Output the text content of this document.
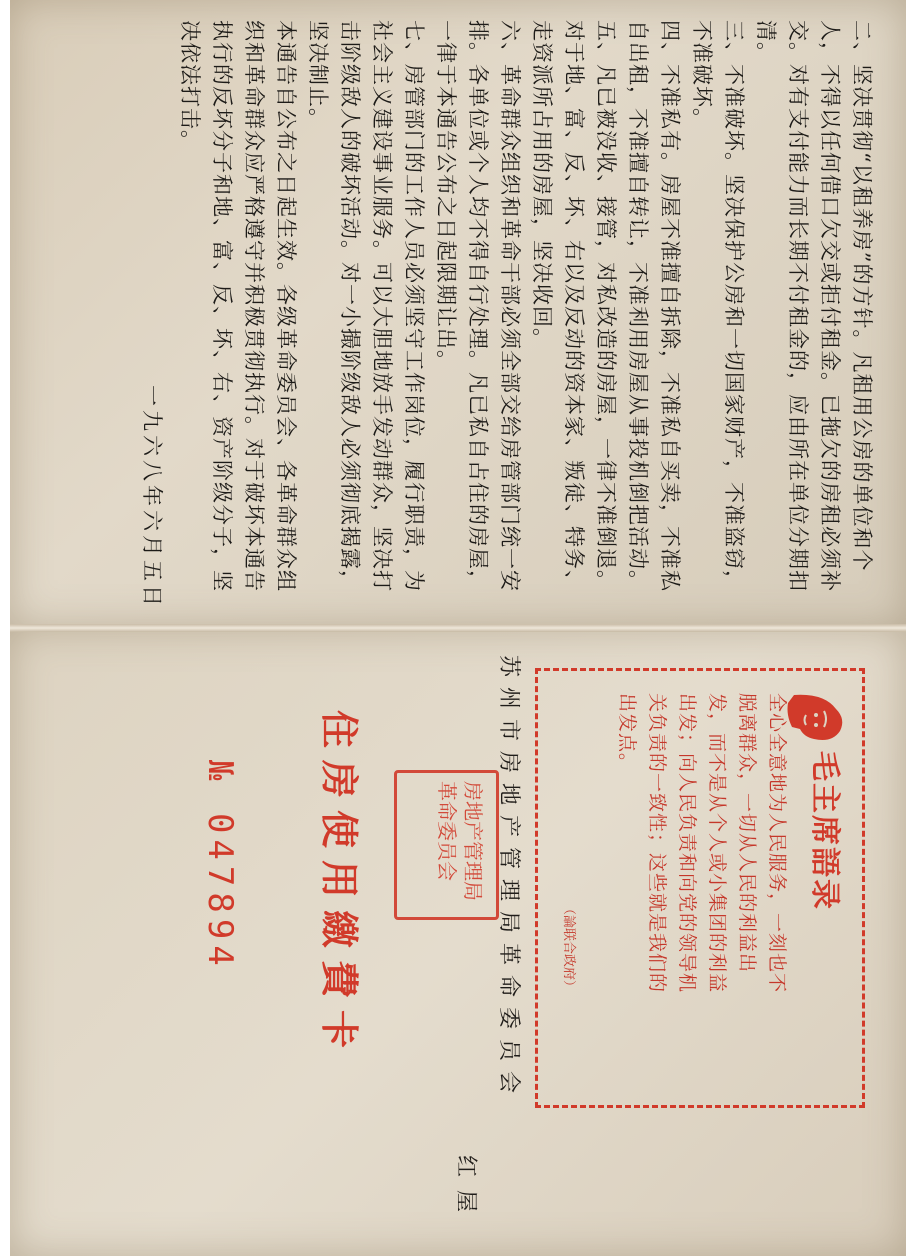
二、坚决贯彻“以租养房”的方针。凡租用公房的单位和个人，不得以任何借口欠交或拒付租金。已拖欠的房租必须补交。对有支付能力而长期不付租金的，应由所在单位分期扣清。

三、不准破坏。坚决保护公房和一切国家财产，不准盗窃，不准破坏。

四、不准私有。房屋不准擅自拆除，不准私自买卖，不准私自出租，不准擅自转让，不准利用房屋从事投机倒把活动。

五、凡已被没收、接管，对私改造的房屋，一律不准倒退。对于地、富、反、坏、右以及反动的资本家、叛徒、特务、走资派所占用的房屋，坚决收回。

六、革命群众组织和革命干部必须全部交给房管部门统一安排。各单位或个人均不得自行处理。凡已私自占住的房屋，一律于本通告公布之日起限期让出。

七、房管部门的工作人员必须坚守工作岗位，履行职责，为社会主义建设事业服务。可以大胆地放手发动群众，坚决打击阶级敌人的破坏活动。对一小撮阶级敌人必须彻底揭露，坚决制止。

本通告自公布之日起生效。各级革命委员会、各革命群众组织和革命群众应严格遵守并积极贯彻执行。对于破坏本通告执行的反坏分子和地、富、反、坏、右、资产阶级分子，坚决依法打击。

一九六八年六月五日

毛主席語录
全心全意地为人民服务，一刻也不脱离群众，一切从人民的利益出发，而不是从个人或小集团的利益出发；向人民负责和向党的领导机关负责的一致性；这些就是我们的出发点。
（論联合政府）
苏州市房地产管理局革命委员会
红 屋
房地产管理局革命委员会
住房使用繳費卡
№ 047894
